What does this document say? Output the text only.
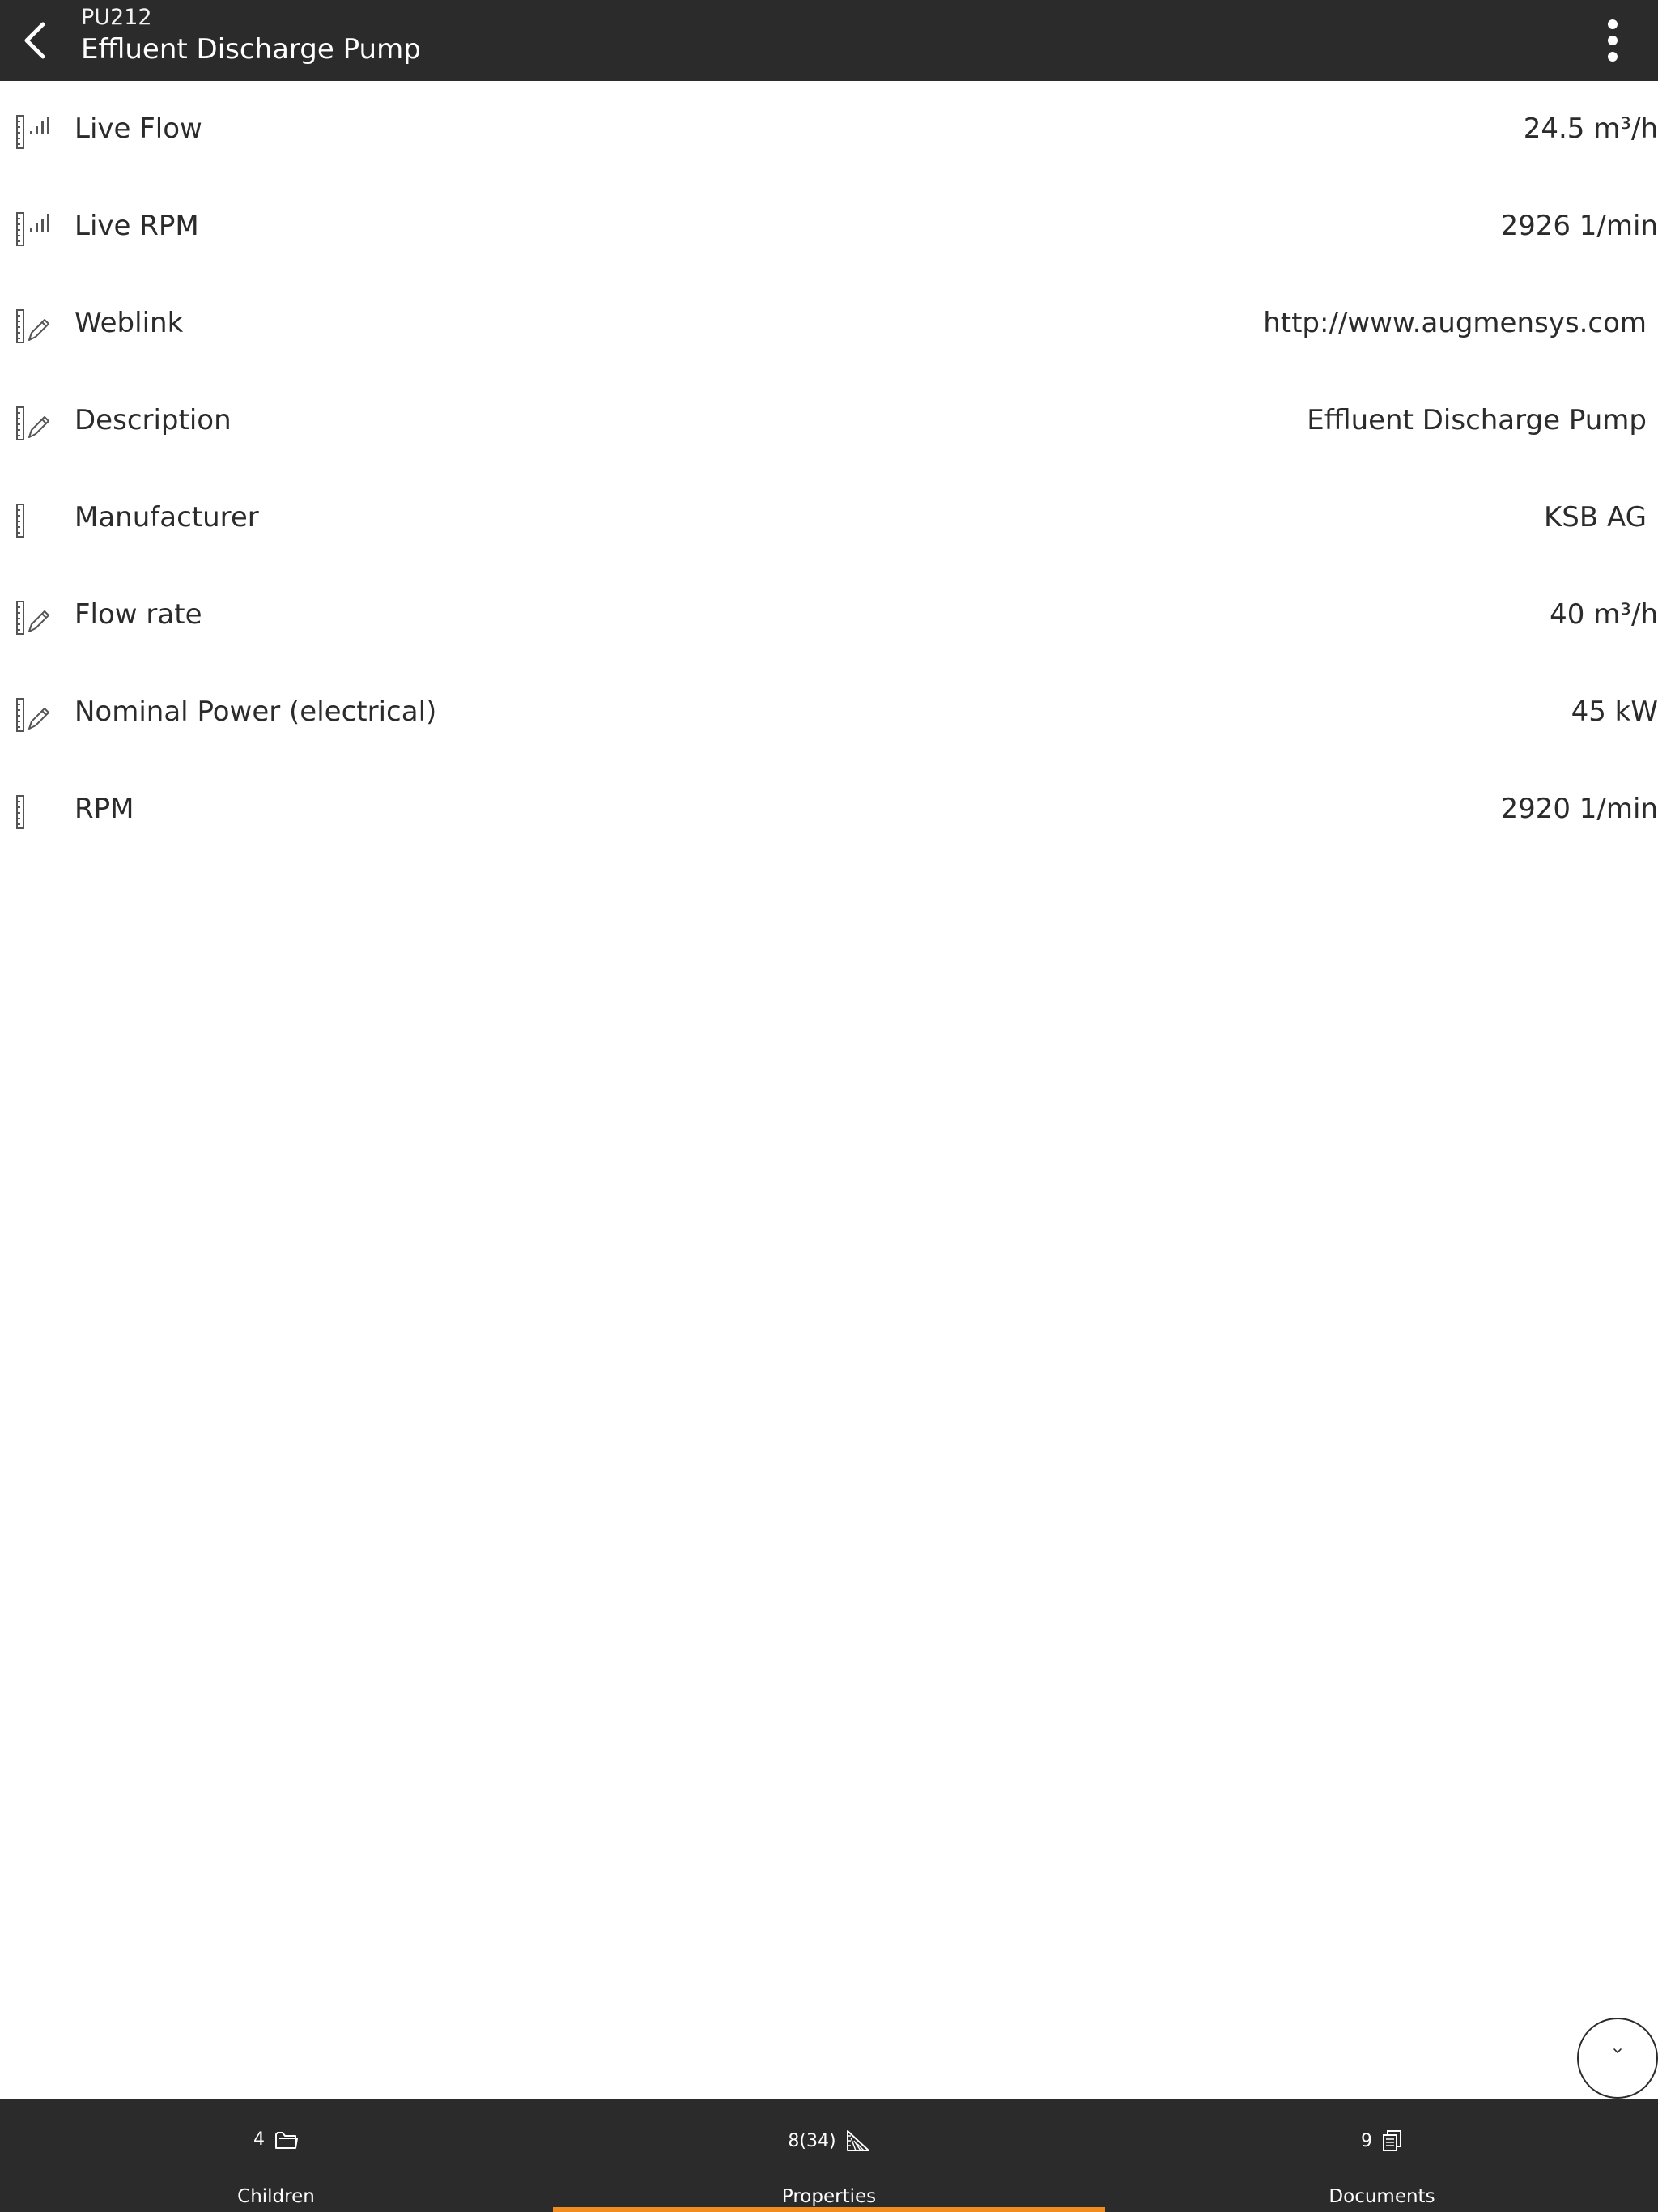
PU212
Effluent Discharge Pump
Live Flow	24.5 m³/h
Live RPM	2926 1/min
Weblink	http://www.augmensys.com
Description	Effluent Discharge Pump
Manufacturer	KSB AG
Flow rate	40 m³/h
Nominal Power (electrical)	45 kW
RPM	2920 1/min
4
Children
8(34)
Properties
9
Documents
